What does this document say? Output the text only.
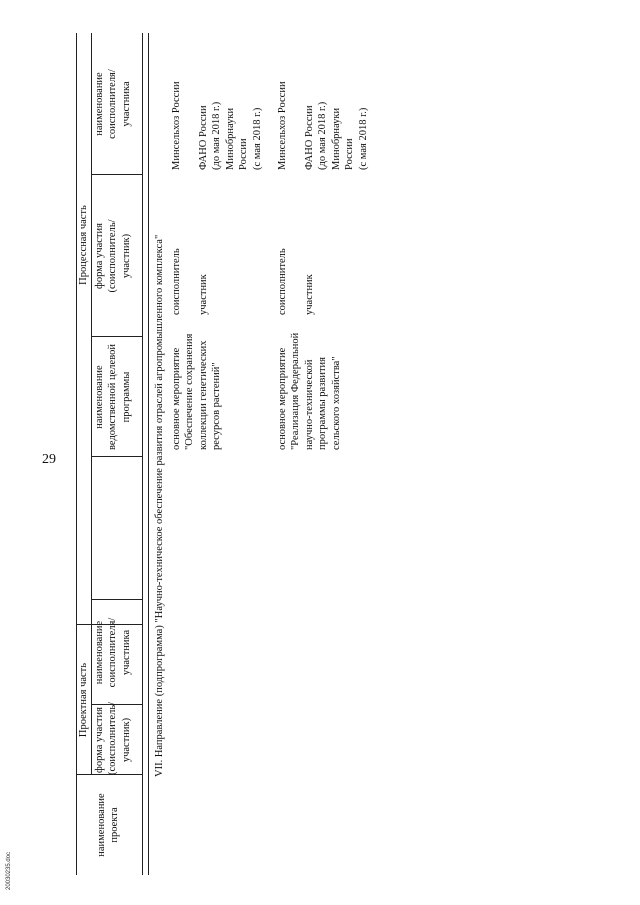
29
наименование
проекта
Проектная часть
форма участия
(соисполнитель/
участник)
наименование
соисполнителя/
участника
Процессная часть
наименование
ведомственной целевой
программы
форма участия
(соисполнитель/
участник)
наименование
соисполнителя/
участника
VII. Направление (подпрограмма) "Научно-техническое обеспечение развития отраслей агропромышленного комплекса" основное мероприятие
"Обеспечение сохранения
коллекции генетических
ресурсов растений"
соисполнитель

участник
Минсельхоз России

ФАНО России
(до мая 2018 г.)
Минобрнауки
России
(с мая 2018 г.)
основное мероприятие
"Реализация Федеральной
научно-технической
программы развития
сельского хозяйства"
соисполнитель

участник
Минсельхоз России

ФАНО России
(до мая 2018 г.)
Минобрнауки
России
(с мая 2018 г.)
20030235.doc
